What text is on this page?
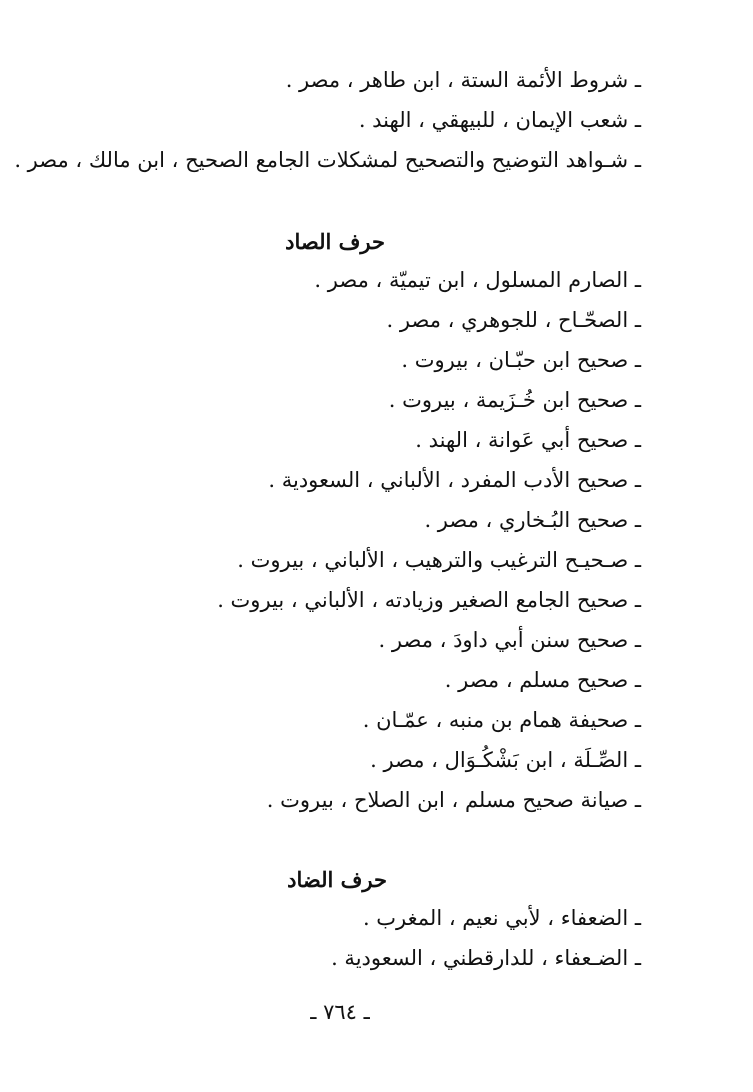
ـ شروط الأئمة الستة ، ابن طاهر ، مصر .
ـ شعب الإيمان ، للبيهقي ، الهند .
ـ شـواهد التوضيح والتصحيح لمشكلات الجامع الصحيح ، ابن مالك ، مصر .
حرف الصاد
ـ الصارم المسلول ، ابن تيميّة ، مصر .
ـ الصحّـاح ، للجوهري ، مصر .
ـ صحيح ابن حبّـان ، بيروت .
ـ صحيح ابن خُـزَيمة ، بيروت .
ـ صحيح أبي عَوانة ، الهند .
ـ صحيح الأدب المفرد ، الألباني ، السعودية .
ـ صحيح البُـخاري ، مصر .
ـ صـحيـح الترغيب والترهيب ، الألباني ، بيروت .
ـ صحيح الجامع الصغير وزيادته ، الألباني ، بيروت .
ـ صحيح سنن أبي داودَ ، مصر .
ـ صحيح مسلم ، مصر .
ـ صحيفة همام بن منبه ، عمّـان .
ـ الصِّـلَة ، ابن بَشْكُـوَال ، مصر .
ـ صيانة صحيح مسلم ، ابن الصلاح ، بيروت .
حرف الضاد
ـ الضعفاء ، لأبي نعيم ، المغرب .
ـ الضـعفاء ، للدارقطني ، السعودية .
ـ ٧٦٤ ـ
